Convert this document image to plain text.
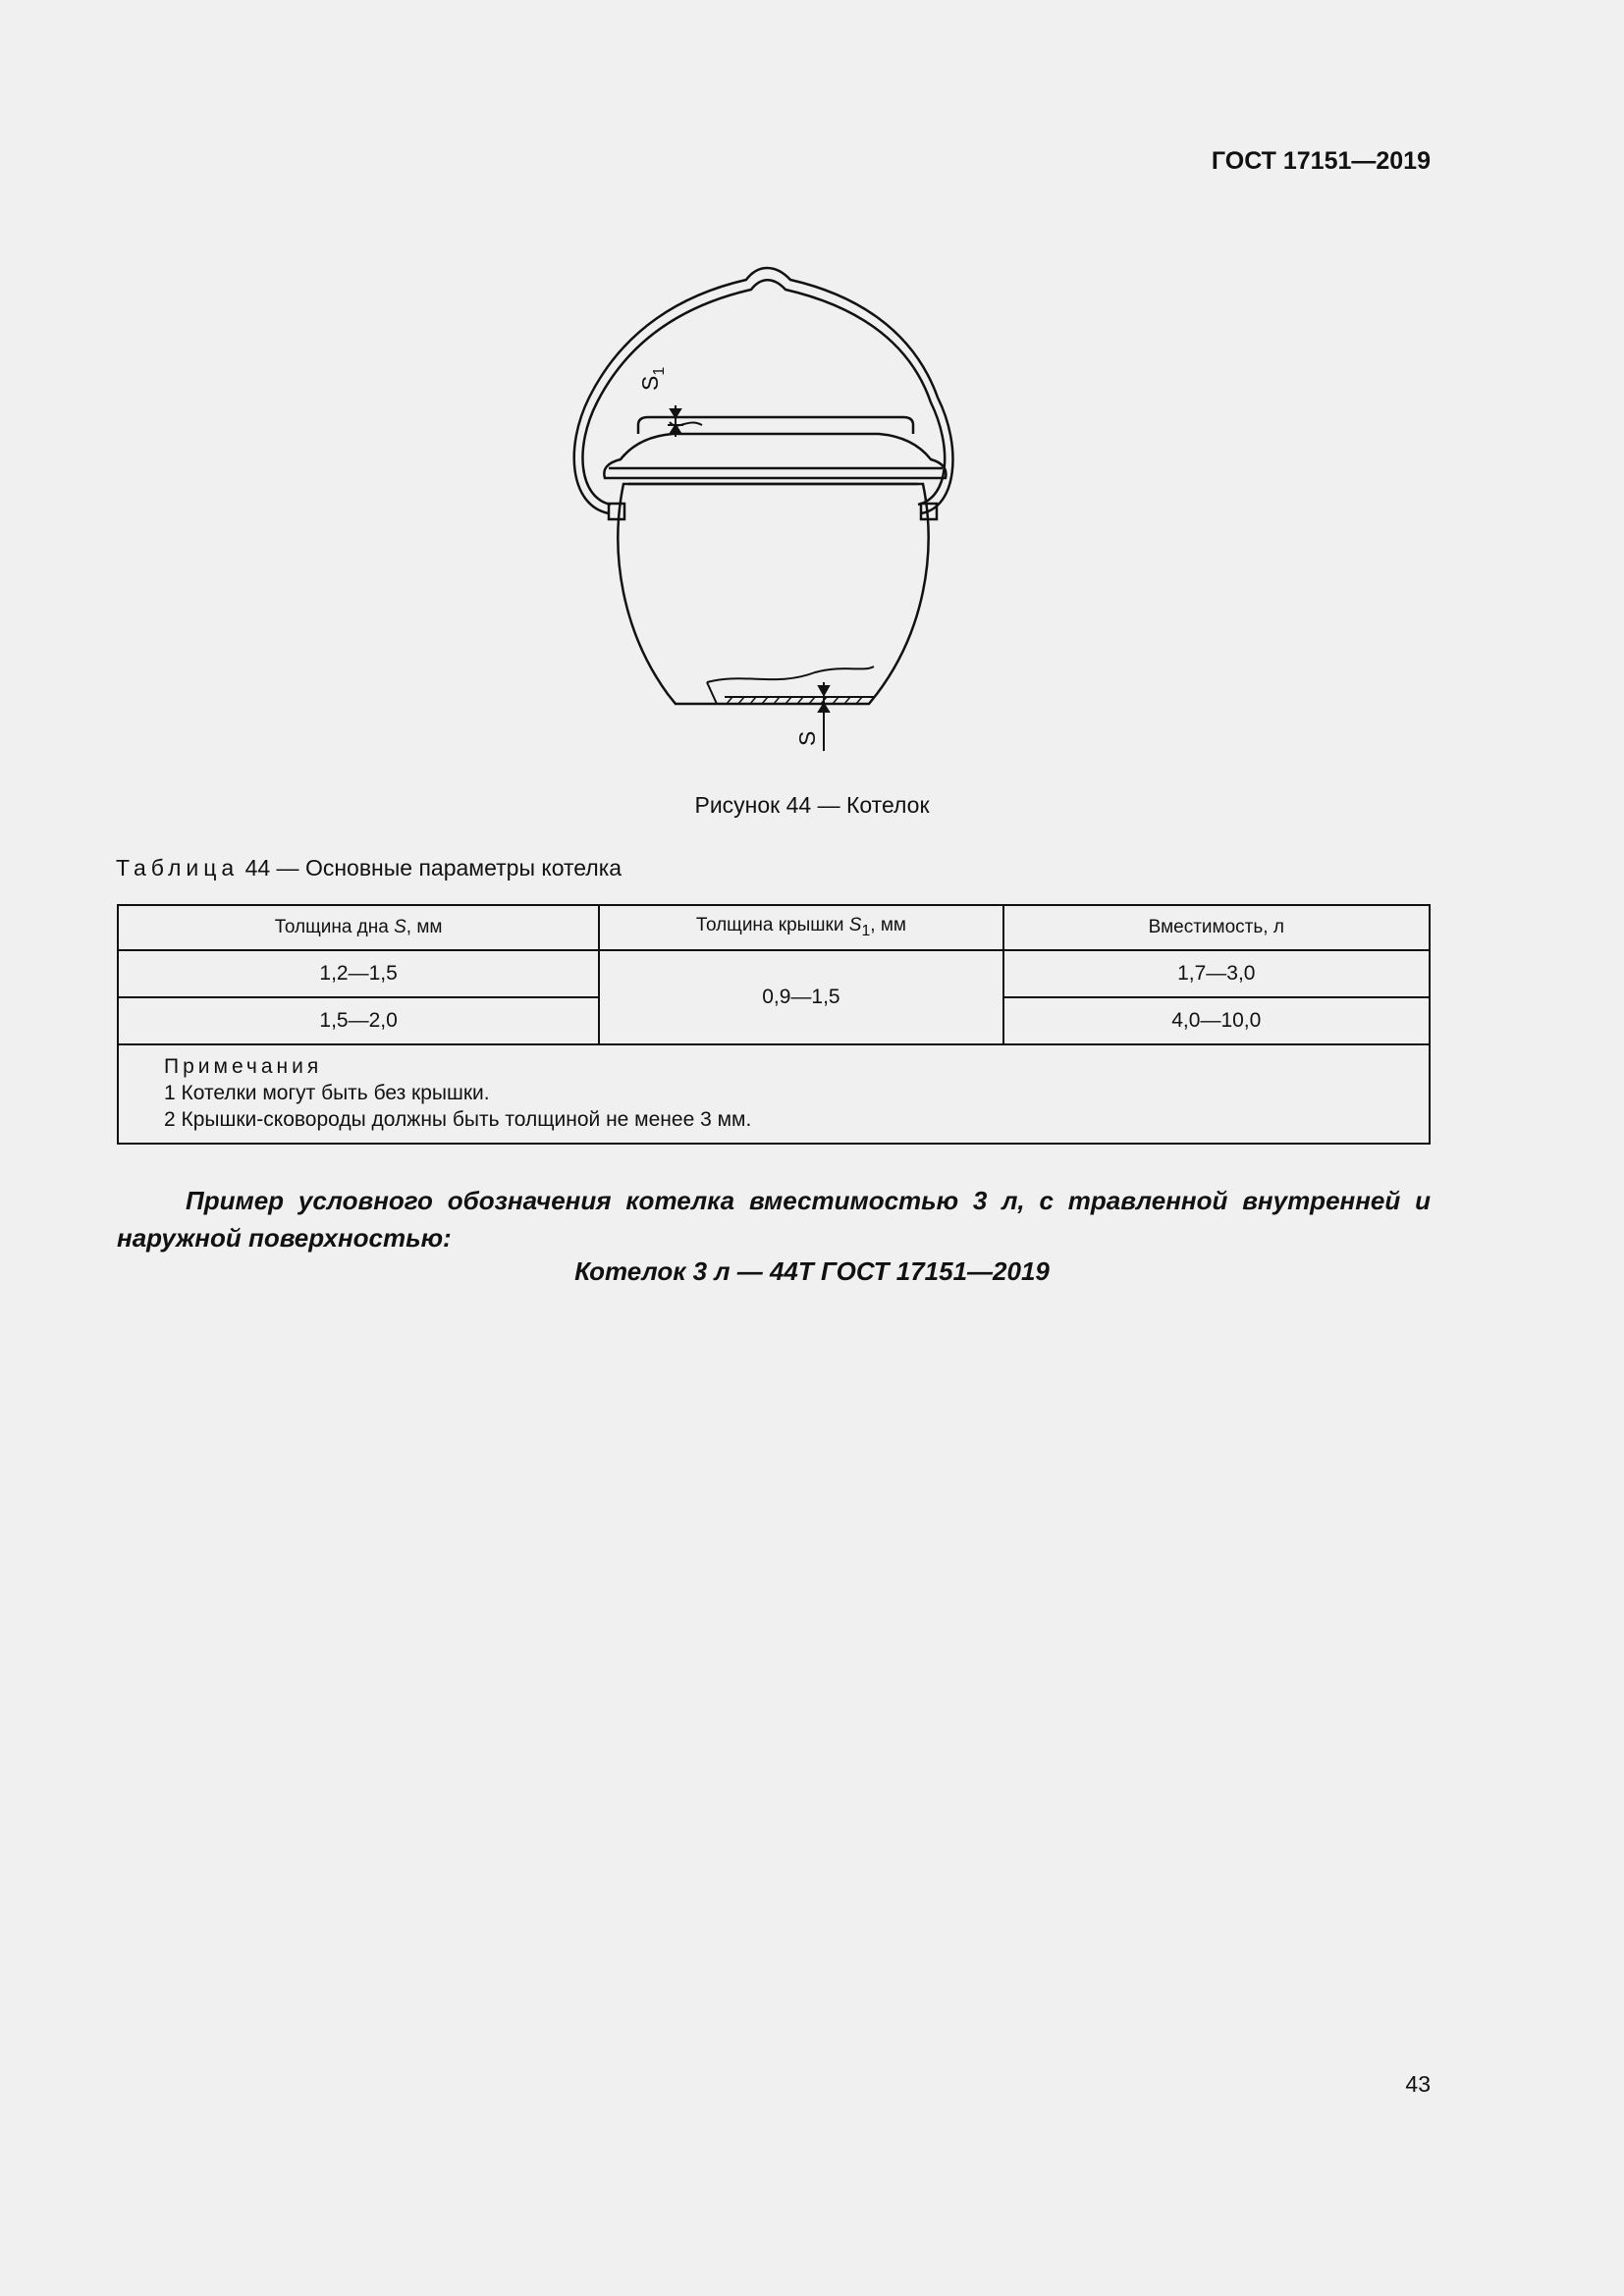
ГОСТ 17151—2019
$S_1$
S
Рисунок 44 — Котелок
Таблица 44 — Основные параметры котелка
Толщина дна S, мм	Толщина крышки $S_1$, мм	Вместимость, л
1,2—1,5	0,9—1,5	1,7—3,0
1,5—2,0		4,0—10,0

Примечания
1 Котелки могут быть без крышки.
2 Крышки-сковороды должны быть толщиной не менее 3 мм.		
Пример условного обозначения котелка вместимостью 3 л, с травленной внутренней и наружной поверхностью:
Котелок 3 л — 44Т ГОСТ 17151—2019
43
